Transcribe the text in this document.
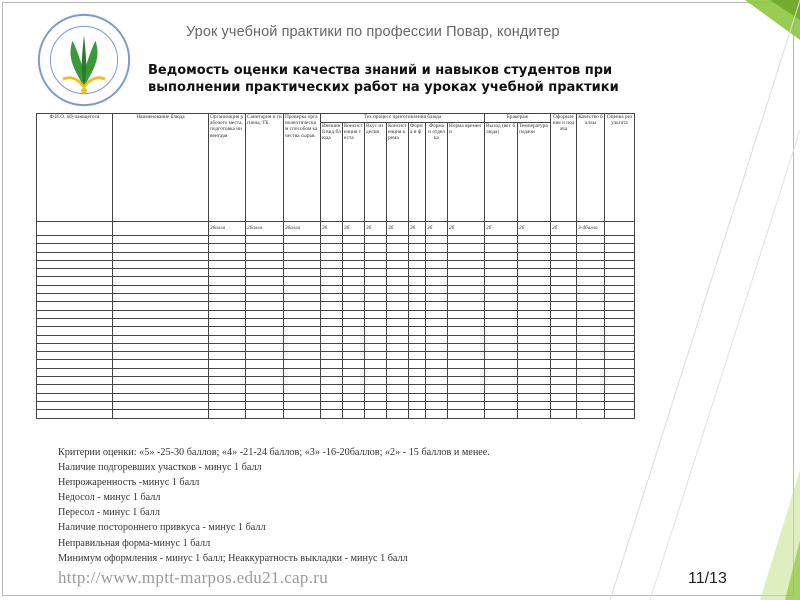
Урок учебной практики по профессии Повар, кондитер
Ведомость оценки качества знаний и навыков студентов при
выполнении практических работ на уроках учебной практики
Ф.И.О. обучающегося	Наименование блюда	Организация рабочего места, подготовка инвентаря	Санитария и гигиена, ТБ.	Проверка органолептическим способом качества сырья.	Тех.процесс приготовления блюда							Бракераж		Оформление и подача	Качество баллы	Оценка результата
					Внешний вид блюда	Консистенция теста	Вкус изделия	Консистенция крема	Форма и ф	Форма и отделка	Норма времени	Выход (вес блюда)	Температура подачи			
		3балла	2балла	3балла	3б	3б	3б	3б	3б	3б	2б	2б	2б	2б	3-4балла	

Критерии оценки: «5» -25-30 баллов; «4» -21-24 баллов; «3» -16-20баллов; «2» - 15 баллов и менее.
Наличие подгоревших участков - минус 1 балл
Непрожаренность -минус 1 балл
Недосол - минус 1 балл
Пересол - минус 1 балл
Наличие постороннего привкуса - минус 1 балл
Неправильная форма-минус 1 балл
Минимум оформления - минус 1 балл; Неаккуратность выкладки - минус 1 балл
http://www.mptt-marpos.edu21.cap.ru	11/13
